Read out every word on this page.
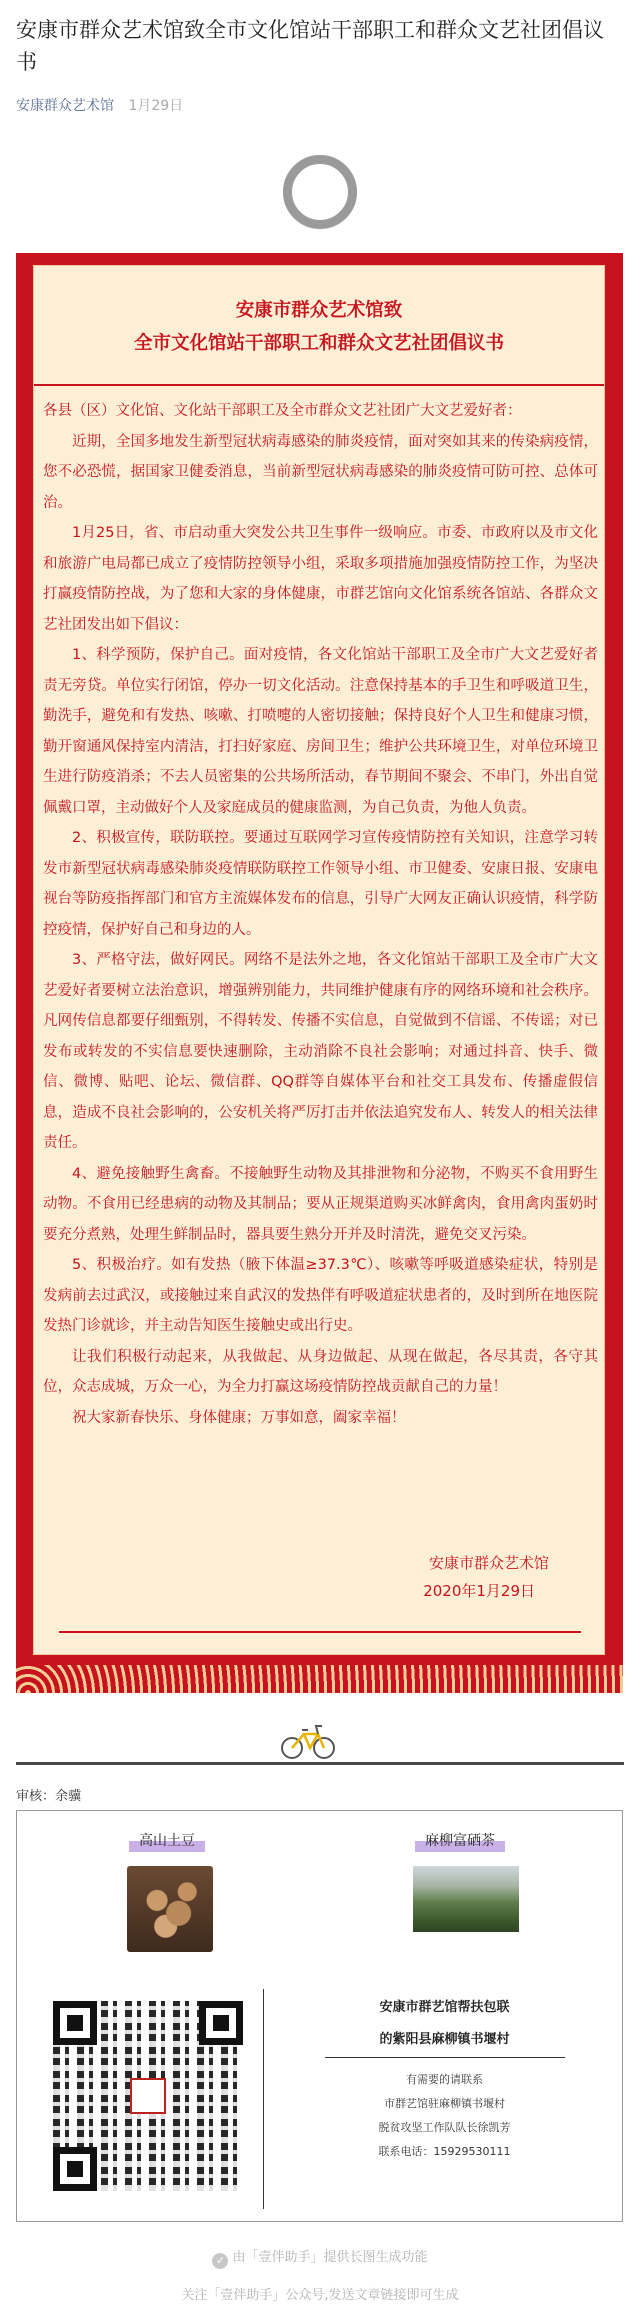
安康市群众艺术馆致全市文化馆站干部职工和群众文艺社团倡议书
安康群众艺术馆 1月29日
安康市群众艺术馆致
全市文化馆站干部职工和群众文艺社团倡议书

各县（区）文化馆、文化站干部职工及全市群众文艺社团广大文艺爱好者：

近期，全国多地发生新型冠状病毒感染的肺炎疫情，面对突如其来的传染病疫情，您不必恐慌，据国家卫健委消息，当前新型冠状病毒感染的肺炎疫情可防可控、总体可治。

1月25日，省、市启动重大突发公共卫生事件一级响应。市委、市政府以及市文化和旅游广电局都已成立了疫情防控领导小组，采取多项措施加强疫情防控工作，为坚决打赢疫情防控战，为了您和大家的身体健康，市群艺馆向文化馆系统各馆站、各群众文艺社团发出如下倡议：

1、科学预防，保护自己。面对疫情，各文化馆站干部职工及全市广大文艺爱好者责无旁贷。单位实行闭馆，停办一切文化活动。注意保持基本的手卫生和呼吸道卫生，勤洗手，避免和有发热、咳嗽、打喷嚏的人密切接触；保持良好个人卫生和健康习惯，勤开窗通风保持室内清洁，打扫好家庭、房间卫生；维护公共环境卫生，对单位环境卫生进行防疫消杀；不去人员密集的公共场所活动，春节期间不聚会、不串门，外出自觉佩戴口罩，主动做好个人及家庭成员的健康监测，为自己负责，为他人负责。

2、积极宣传，联防联控。要通过互联网学习宣传疫情防控有关知识，注意学习转发市新型冠状病毒感染肺炎疫情联防联控工作领导小组、市卫健委、安康日报、安康电视台等防疫指挥部门和官方主流媒体发布的信息，引导广大网友正确认识疫情，科学防控疫情，保护好自己和身边的人。

3、严格守法，做好网民。网络不是法外之地，各文化馆站干部职工及全市广大文艺爱好者要树立法治意识，增强辨别能力，共同维护健康有序的网络环境和社会秩序。凡网传信息都要仔细甄别，不得转发、传播不实信息，自觉做到不信谣、不传谣；对已发布或转发的不实信息要快速删除，主动消除不良社会影响；对通过抖音、快手、微信、微博、贴吧、论坛、微信群、QQ群等自媒体平台和社交工具发布、传播虚假信息，造成不良社会影响的，公安机关将严厉打击并依法追究发布人、转发人的相关法律责任。

4、避免接触野生禽畜。不接触野生动物及其排泄物和分泌物，不购买不食用野生动物。不食用已经患病的动物及其制品；要从正规渠道购买冰鲜禽肉，食用禽肉蛋奶时要充分煮熟，处理生鲜制品时，器具要生熟分开并及时清洗，避免交叉污染。

5、积极治疗。如有发热（腋下体温≥37.3℃）、咳嗽等呼吸道感染症状，特别是发病前去过武汉，或接触过来自武汉的发热伴有呼吸道症状患者的，及时到所在地医院发热门诊就诊，并主动告知医生接触史或出行史。

让我们积极行动起来，从我做起、从身边做起、从现在做起，各尽其责，各守其位，众志成城，万众一心，为全力打赢这场疫情防控战贡献自己的力量！

祝大家新春快乐、身体健康；万事如意，阖家幸福！

安康市群众艺术馆
2020年1月29日
审核：余骥
高山土豆	麻柳富硒茶
安康市群艺馆帮扶包联
的紫阳县麻柳镇书堰村
有需要的请联系
市群艺馆驻麻柳镇书堰村
脱贫攻坚工作队队长徐凯芳
联系电话：15929530111
✓ 由「壹伴助手」提供长图生成功能
关注「壹伴助手」公众号,发送文章链接即可生成
